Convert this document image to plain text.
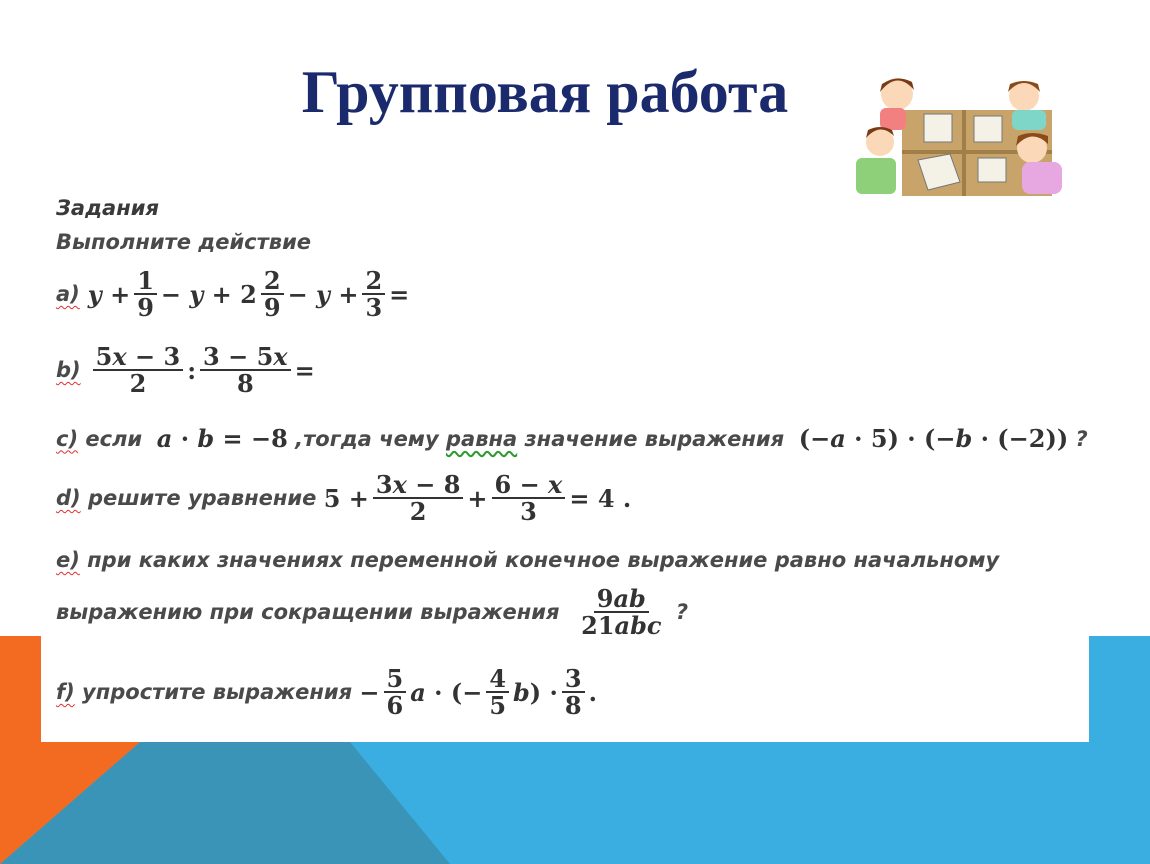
Групповая работа
Задания
Выполните действие
a) $y + \frac{1}{9} - y + 2 \frac{2}{9} - y + \frac{2}{3}$ =
$b) \frac{5x - 3}{2}$ : $\frac{3 - 5x}{8}$ =
c)
если
a · b = −8
,тогда чему
равна
значение выражения
(− a · 5) · (− b · (−2))
?
d)
решите уравнение
$5 + \frac{3x - 8}{2} + \frac{6 - x}{3} = 4$ .
e)
при каких значениях переменной конечное выражение равно начальному
выражению при сокращении выражения
$\frac{9ab}{\text{21abc}}$
?
f)
упростите выражения
− $\frac{5}{6}$ a · (− $\frac{4}{5}$ b ) · $\frac{3}{8}$ .
